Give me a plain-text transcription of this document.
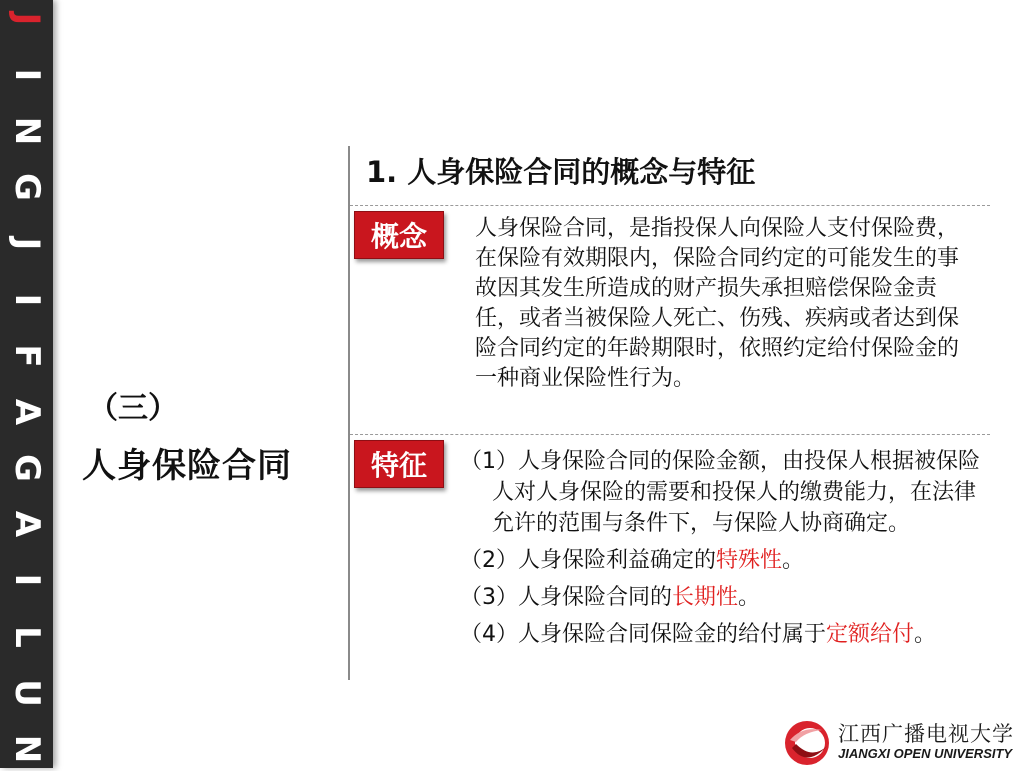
J
I
N
G
J
I
F
A
G
A
I
L
U
N
（三）
人身保险合同
1. 人身保险合同的概念与特征
概念	人身保险合同，是指投保人向保险人支付保险费，在保险有效期限内，保险合同约定的可能发生的事故因其发生所造成的财产损失承担赔偿保险金责任，或者当被保险人死亡、伤残、疾病或者达到保险合同约定的年龄期限时，依照约定给付保险金的一种商业保险性行为。
特征	（1）人身保险合同的保险金额，由投保人根据被保险人对人身保险的需要和投保人的缴费能力，在法律允许的范围与条件下，与保险人协商确定。
（2）人身保险利益确定的特殊性。
（3）人身保险合同的长期性。
（4）人身保险合同保险金的给付属于定额给付。
江西广播电视大学
JIANGXI OPEN UNIVERSITY
